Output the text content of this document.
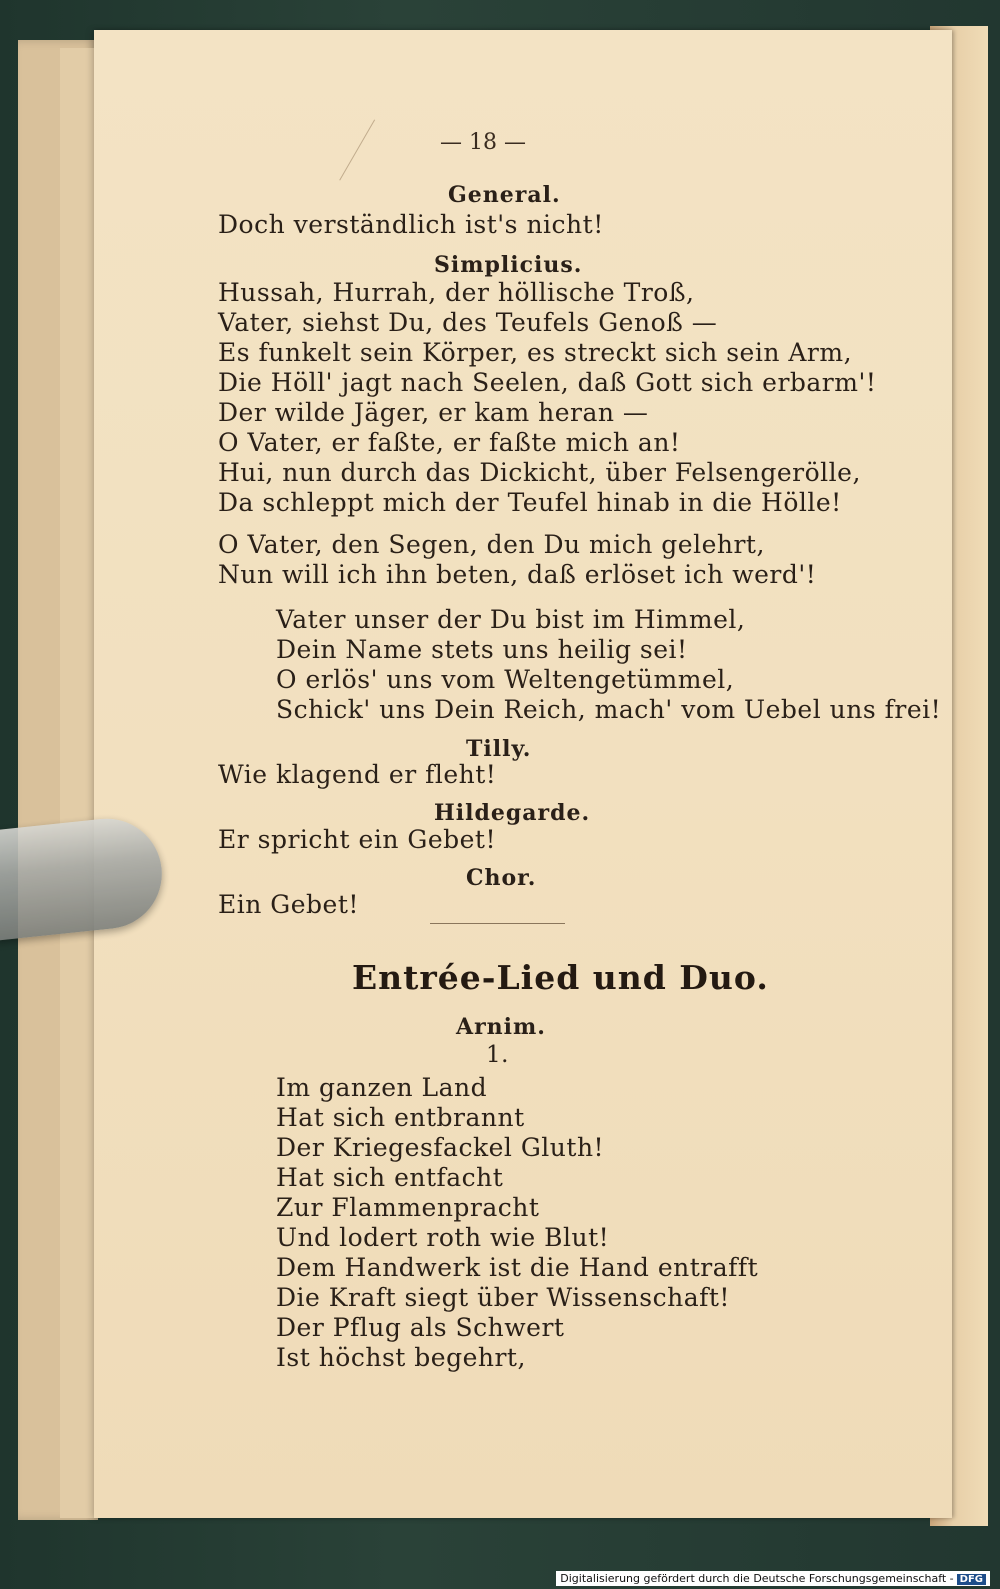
— 18 —
General.
Doch verständlich ist's nicht!
Simplicius.
Hussah, Hurrah, der höllische Troß,
Vater, siehst Du, des Teufels Genoß —
Es funkelt sein Körper, es streckt sich sein Arm,
Die Höll' jagt nach Seelen, daß Gott sich erbarm'!
Der wilde Jäger, er kam heran —
O Vater, er faßte, er faßte mich an!
Hui, nun durch das Dickicht, über Felsengerölle,
Da schleppt mich der Teufel hinab in die Hölle!
O Vater, den Segen, den Du mich gelehrt,
Nun will ich ihn beten, daß erlöset ich werd'!
Vater unser der Du bist im Himmel,
Dein Name stets uns heilig sei!
O erlös' uns vom Weltengetümmel,
Schick' uns Dein Reich, mach' vom Uebel uns frei!
Tilly.
Wie klagend er fleht!
Hildegarde.
Er spricht ein Gebet!
Chor.
Ein Gebet!
Entrée-Lied und Duo.
Arnim.
1.
Im ganzen Land
Hat sich entbrannt
Der Kriegesfackel Gluth!
Hat sich entfacht
Zur Flammenpracht
Und lodert roth wie Blut!
Dem Handwerk ist die Hand entrafft
Die Kraft siegt über Wissenschaft!
Der Pflug als Schwert
Ist höchst begehrt,
Digitalisierung gefördert durch die Deutsche Forschungsgemeinschaft - DFG
